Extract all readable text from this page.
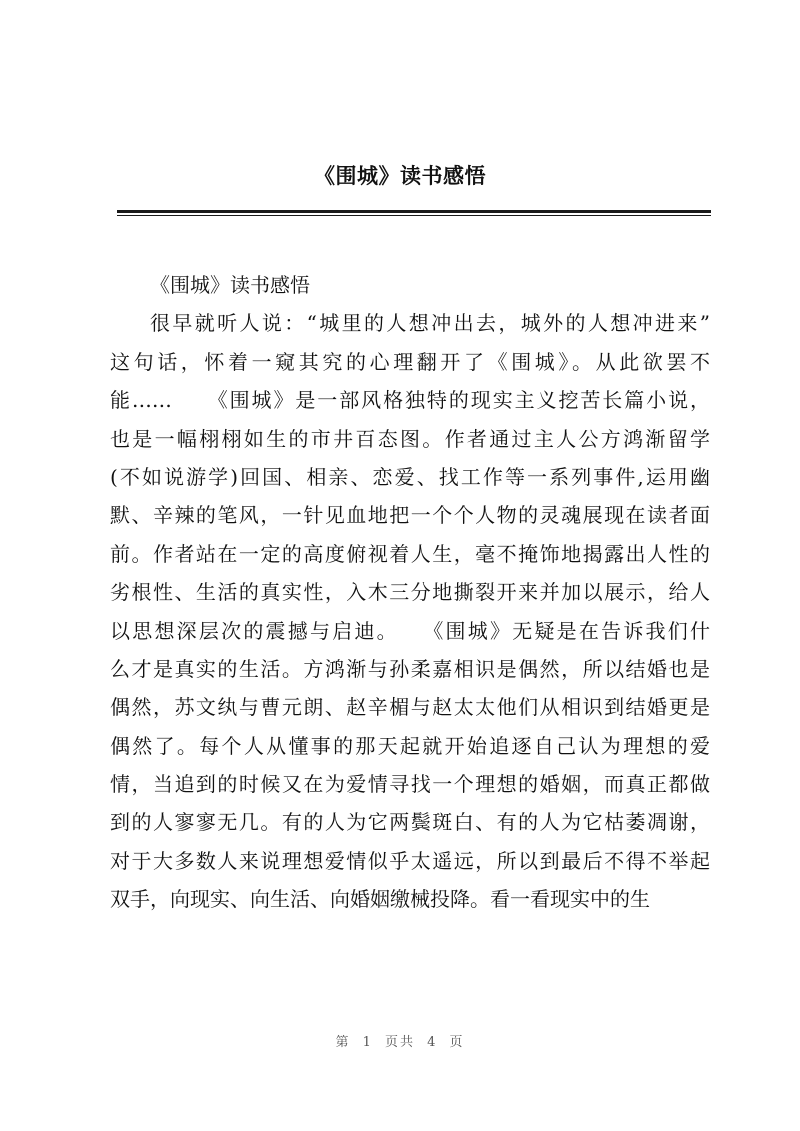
《围城》读书感悟
《围城》读书感悟
很早就听人说：“城里的人想冲出去，城外的人想冲进来”
这句话，怀着一窥其究的心理翻开了《围城》。从此欲罢不
能……　　《围城》是一部风格独特的现实主义挖苦长篇小说，
也是一幅栩栩如生的市井百态图。作者通过主人公方鸿渐留学
(不如说游学)回国、相亲、恋爱、找工作等一系列事件,运用幽
默、辛辣的笔风，一针见血地把一个个人物的灵魂展现在读者面
前。作者站在一定的高度俯视着人生，毫不掩饰地揭露出人性的
劣根性、生活的真实性，入木三分地撕裂开来并加以展示，给人
以思想深层次的震撼与启迪。　　《围城》无疑是在告诉我们什
么才是真实的生活。方鸿渐与孙柔嘉相识是偶然，所以结婚也是
偶然，苏文纨与曹元朗、赵辛楣与赵太太他们从相识到结婚更是
偶然了。每个人从懂事的那天起就开始追逐自己认为理想的爱
情，当追到的时候又在为爱情寻找一个理想的婚姻，而真正都做
到的人寥寥无几。有的人为它两鬓斑白、有的人为它枯萎凋谢，
对于大多数人来说理想爱情似乎太遥远，所以到最后不得不举起
双手，向现实、向生活、向婚姻缴械投降。看一看现实中的生
第 1 页共 4 页
